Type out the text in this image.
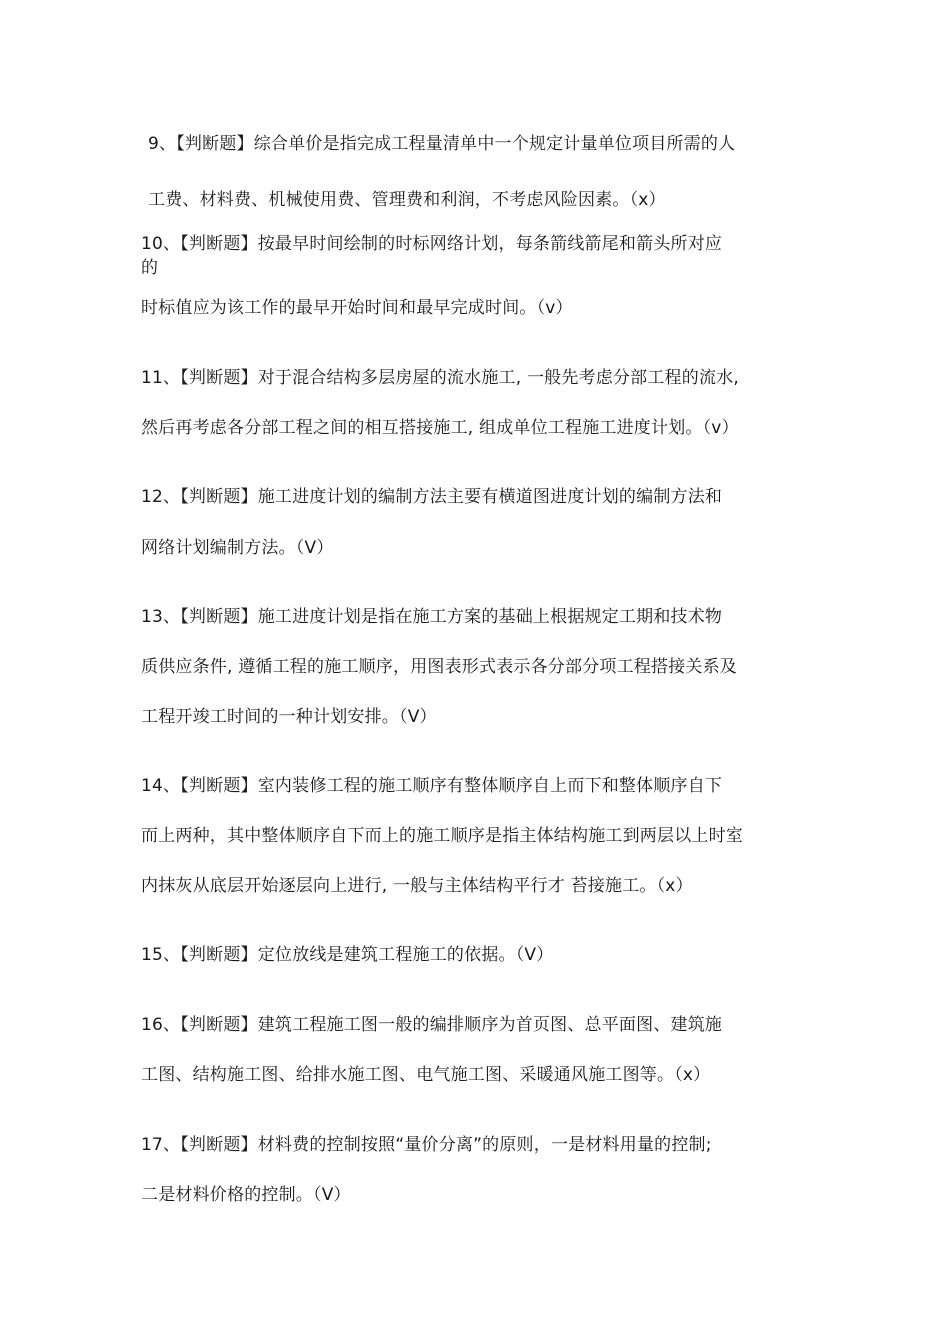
9、【判断题】综合单价是指完成工程量清单中一个规定计量单位项目所需的人
工费、材料费、机械使用费、管理费和利润，不考虑风险因素。（x）
10、【判断题】按最早时间绘制的时标网络计划，每条箭线箭尾和箭头所对应
的
时标值应为该工作的最早开始时间和最早完成时间。（v）
11、【判断题】对于混合结构多层房屋的流水施工, 一般先考虑分部工程的流水,
然后再考虑各分部工程之间的相互搭接施工, 组成单位工程施工进度计划。（v）
12、【判断题】施工进度计划的编制方法主要有横道图进度计划的编制方法和
网络计划编制方法。（V）
13、【判断题】施工进度计划是指在施工方案的基础上根据规定工期和技术物
质供应条件, 遵循工程的施工顺序，用图表形式表示各分部分项工程搭接关系及
工程开竣工时间的一种计划安排。（V）
14、【判断题】室内装修工程的施工顺序有整体顺序自上而下和整体顺序自下
而上两种，其中整体顺序自下而上的施工顺序是指主体结构施工到两层以上时室
内抹灰从底层开始逐层向上进行, 一般与主体结构平行才 苔接施工。（x）
15、【判断题】定位放线是建筑工程施工的依据。（V）
16、【判断题】建筑工程施工图一般的编排顺序为首页图、总平面图、建筑施
工图、结构施工图、给排水施工图、电气施工图、采暖通风施工图等。（x）
17、【判断题】材料费的控制按照“量价分离”的原则，一是材料用量的控制;
二是材料价格的控制。（V）
